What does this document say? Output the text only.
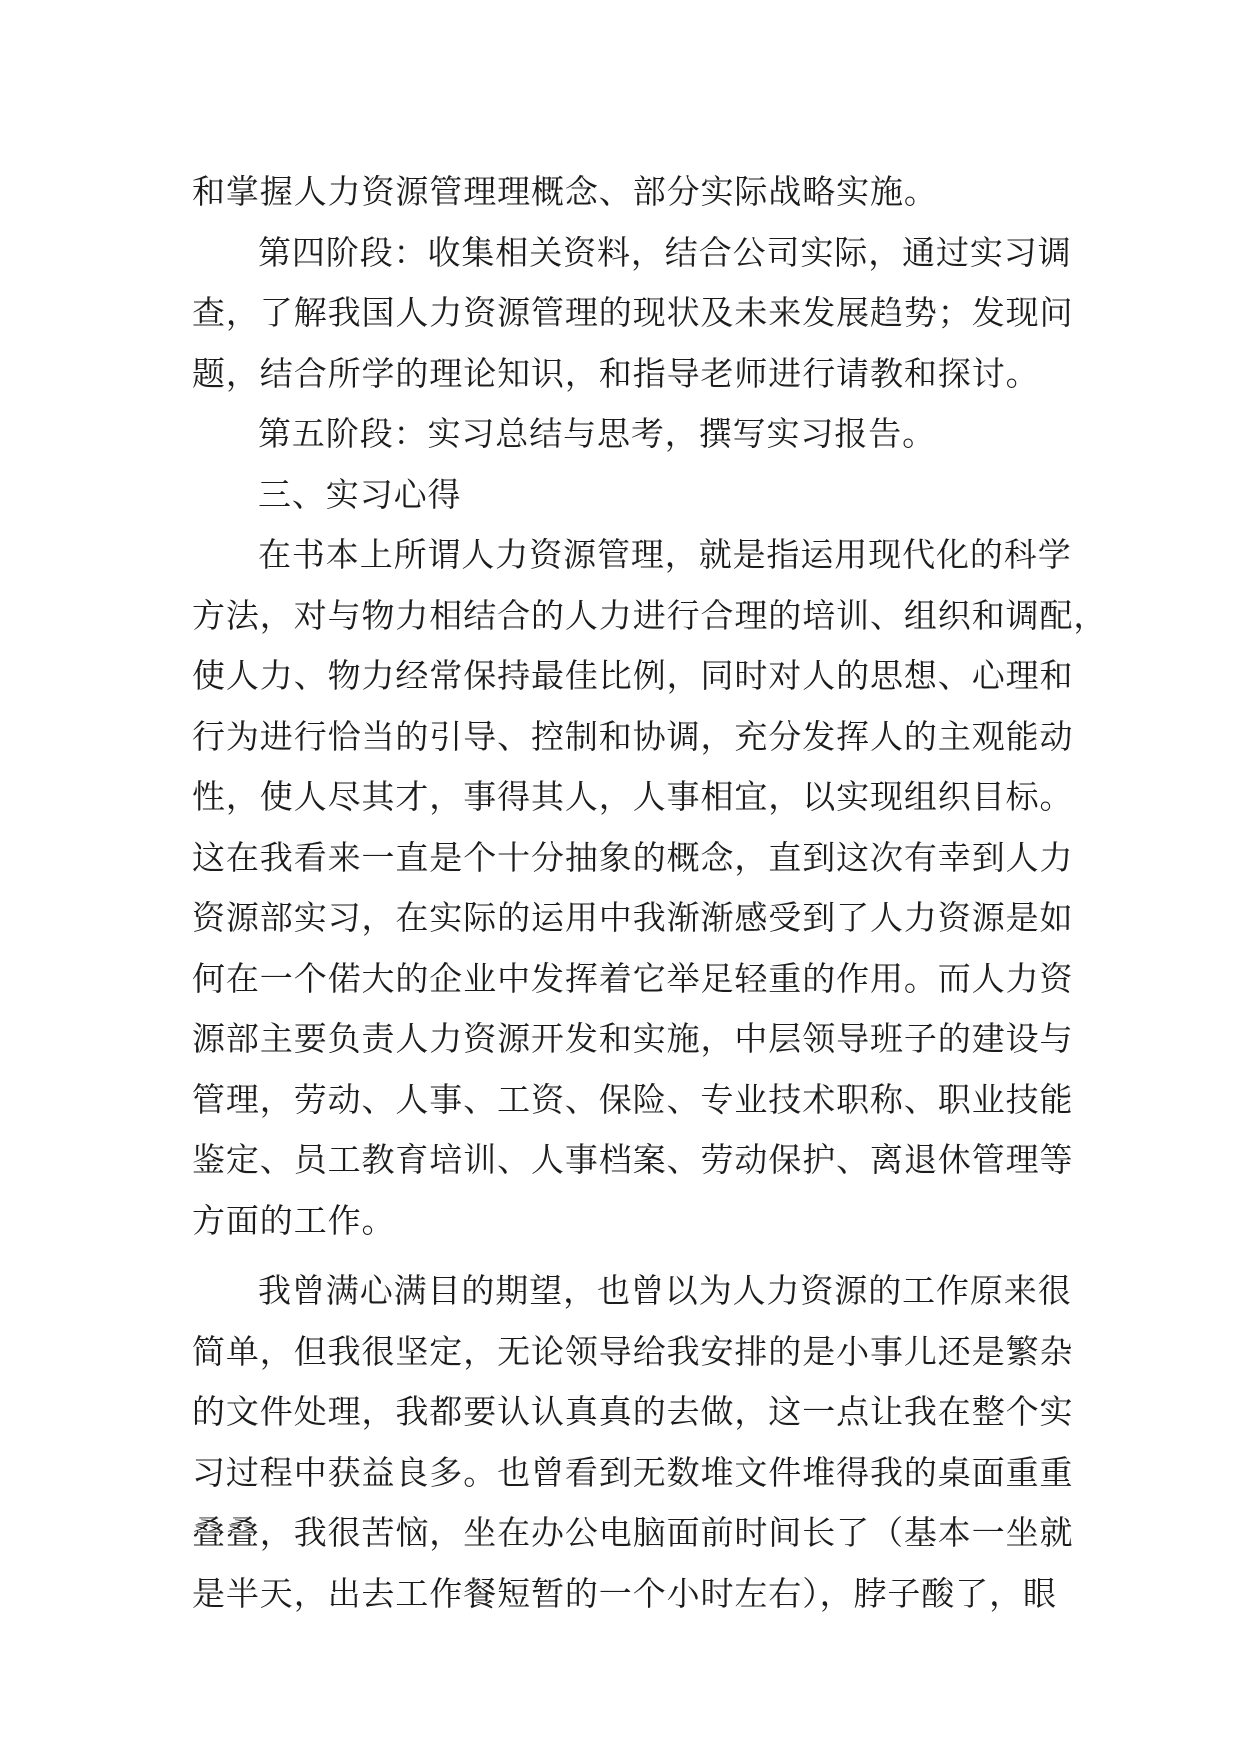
和掌握人力资源管理理概念、部分实际战略实施。
第四阶段：收集相关资料，结合公司实际，通过实习调
查，了解我国人力资源管理的现状及未来发展趋势；发现问
题，结合所学的理论知识，和指导老师进行请教和探讨。
第五阶段：实习总结与思考，撰写实习报告。
三、实习心得
在书本上所谓人力资源管理，就是指运用现代化的科学
方法，对与物力相结合的人力进行合理的培训、组织和调配，
使人力、物力经常保持最佳比例，同时对人的思想、心理和
行为进行恰当的引导、控制和协调，充分发挥人的主观能动
性，使人尽其才，事得其人，人事相宜，以实现组织目标。
这在我看来一直是个十分抽象的概念，直到这次有幸到人力
资源部实习，在实际的运用中我渐渐感受到了人力资源是如
何在一个偌大的企业中发挥着它举足轻重的作用。而人力资
源部主要负责人力资源开发和实施，中层领导班子的建设与
管理，劳动、人事、工资、保险、专业技术职称、职业技能
鉴定、员工教育培训、人事档案、劳动保护、离退休管理等
方面的工作。
我曾满心满目的期望，也曾以为人力资源的工作原来很
简单，但我很坚定，无论领导给我安排的是小事儿还是繁杂
的文件处理，我都要认认真真的去做，这一点让我在整个实
习过程中获益良多。也曾看到无数堆文件堆得我的桌面重重
叠叠，我很苦恼，坐在办公电脑面前时间长了（基本一坐就
是半天，出去工作餐短暂的一个小时左右），脖子酸了，眼
